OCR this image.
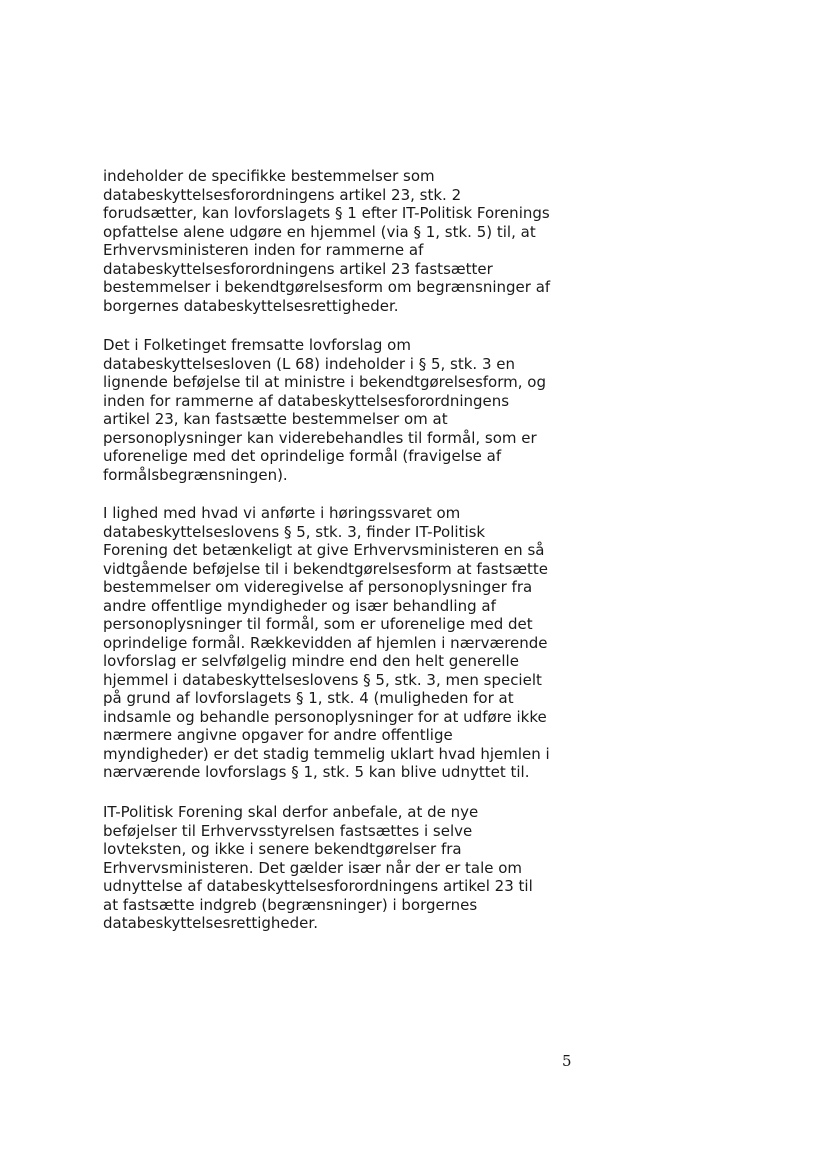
indeholder de specifikke bestemmelser som
databeskyttelsesforordningens artikel 23, stk. 2
forudsætter, kan lovforslagets § 1 efter IT-Politisk Forenings
opfattelse alene udgøre en hjemmel (via § 1, stk. 5) til, at
Erhvervsministeren inden for rammerne af
databeskyttelsesforordningens artikel 23 fastsætter
bestemmelser i bekendtgørelsesform om begrænsninger af
borgernes databeskyttelsesrettigheder.

Det i Folketinget fremsatte lovforslag om
databeskyttelsesloven (L 68) indeholder i § 5, stk. 3 en
lignende beføjelse til at ministre i bekendtgørelsesform, og
inden for rammerne af databeskyttelsesforordningens
artikel 23, kan fastsætte bestemmelser om at
personoplysninger kan viderebehandles til formål, som er
uforenelige med det oprindelige formål (fravigelse af
formålsbegrænsningen).

I lighed med hvad vi anførte i høringssvaret om
databeskyttelseslovens § 5, stk. 3, finder IT-Politisk
Forening det betænkeligt at give Erhvervsministeren en så
vidtgående beføjelse til i bekendtgørelsesform at fastsætte
bestemmelser om videregivelse af personoplysninger fra
andre offentlige myndigheder og især behandling af
personoplysninger til formål, som er uforenelige med det
oprindelige formål. Rækkevidden af hjemlen i nærværende
lovforslag er selvfølgelig mindre end den helt generelle
hjemmel i databeskyttelseslovens § 5, stk. 3, men specielt
på grund af lovforslagets § 1, stk. 4 (muligheden for at
indsamle og behandle personoplysninger for at udføre ikke
nærmere angivne opgaver for andre offentlige
myndigheder) er det stadig temmelig uklart hvad hjemlen i
nærværende lovforslags § 1, stk. 5 kan blive udnyttet til.

IT-Politisk Forening skal derfor anbefale, at de nye
beføjelser til Erhvervsstyrelsen fastsættes i selve
lovteksten, og ikke i senere bekendtgørelser fra
Erhvervsministeren. Det gælder især når der er tale om
udnyttelse af databeskyttelsesforordningens artikel 23 til
at fastsætte indgreb (begrænsninger) i borgernes
databeskyttelsesrettigheder.

5
